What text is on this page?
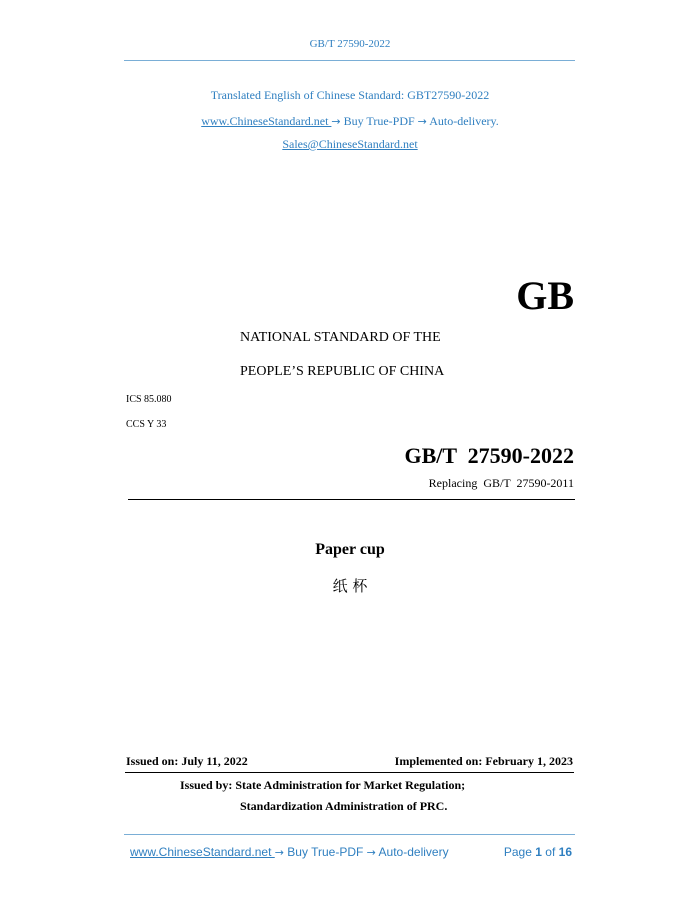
GB/T 27590-2022
Translated English of Chinese Standard: GBT27590-2022
www.ChineseStandard.net → Buy True-PDF → Auto-delivery.
Sales@ChineseStandard.net
GB
NATIONAL STANDARD OF THE
PEOPLE’S REPUBLIC OF CHINA
ICS 85.080
CCS Y 33
GB/T  27590-2022
Replacing  GB/T  27590-2011
Paper cup
纸 杯
Issued on: July 11, 2022	Implemented on: February 1, 2023
Issued by: State Administration for Market Regulation;
Standardization Administration of PRC.
www.ChineseStandard.net → Buy True-PDF → Auto-delivery	Page 1 of 16
